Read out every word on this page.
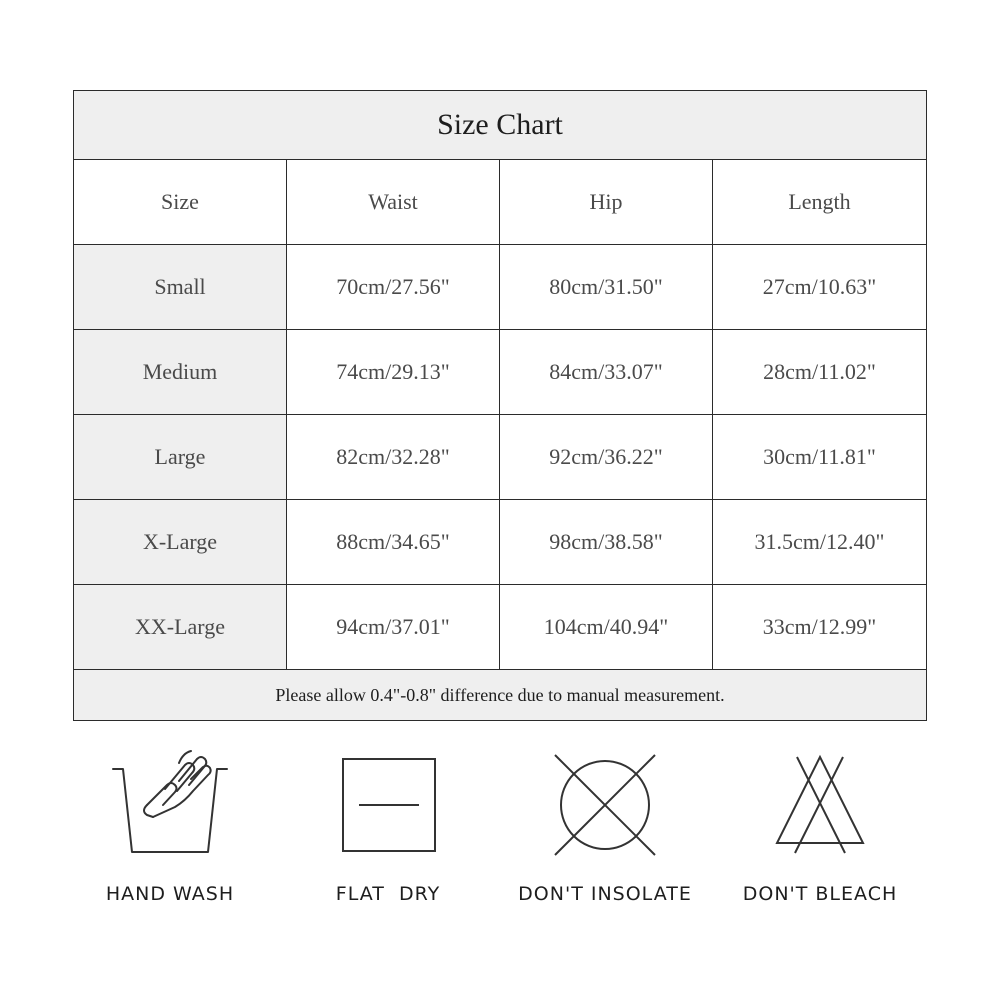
Size Chart			
Size	Waist	Hip	Length
Small	70cm/27.56"	80cm/31.50"	27cm/10.63"
Medium	74cm/29.13"	84cm/33.07"	28cm/11.02"
Large	82cm/32.28"	92cm/36.22"	30cm/11.81"
X-Large	88cm/34.65"	98cm/38.58"	31.5cm/12.40"
XX-Large	94cm/37.01"	104cm/40.94"	33cm/12.99"
Please allow 0.4"-0.8" difference due to manual measurement.			
HAND WASH	FLAT  DRY	DON'T INSOLATE	DON'T BLEACH
